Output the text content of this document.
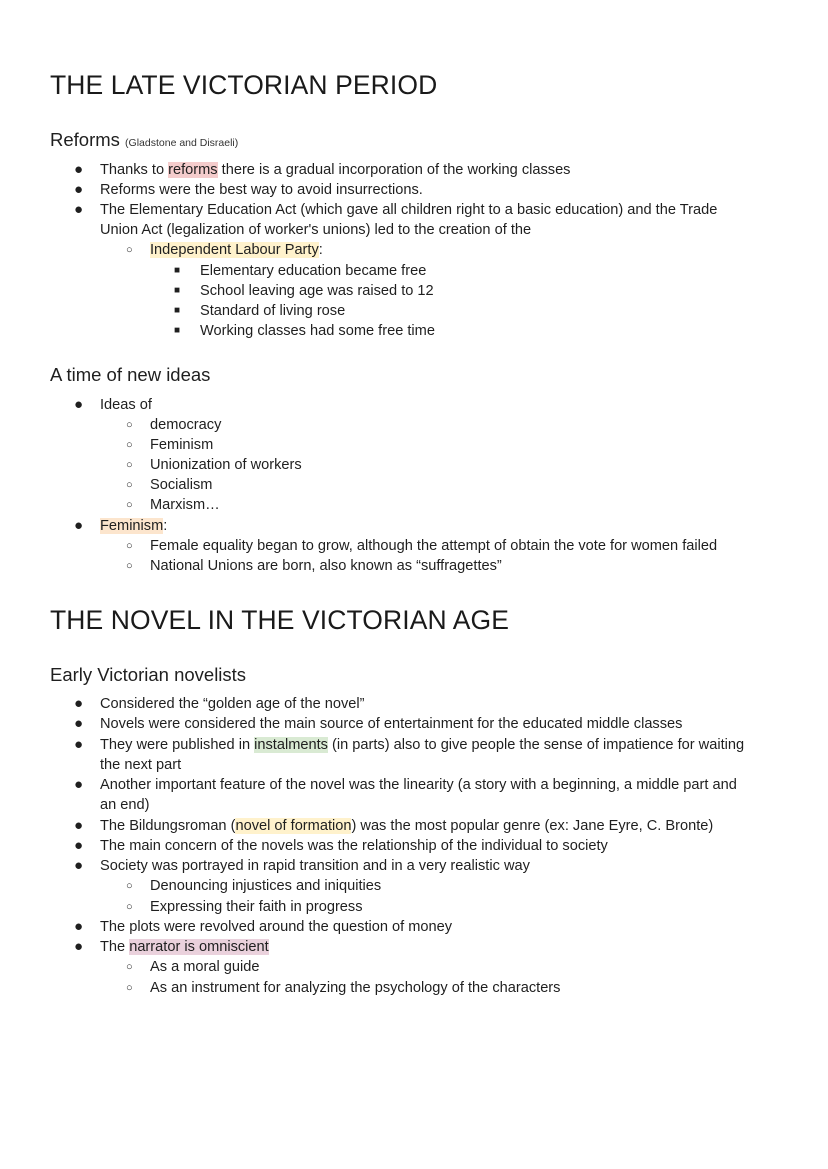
THE LATE VICTORIAN PERIOD
Reforms (Gladstone and Disraeli)
● Thanks to reforms there is a gradual incorporation of the working classes
● Reforms were the best way to avoid insurrections.
● The Elementary Education Act (which gave all children right to a basic education) and the Trade
Union Act (legalization of worker's unions) led to the creation of the
○ Independent Labour Party:
■ Elementary education became free
■ School leaving age was raised to 12
■ Standard of living rose
■ Working classes had some free time
A time of new ideas
● Ideas of
○ democracy
○ Feminism
○ Unionization of workers
○ Socialism
○ Marxism…
● Feminism:
○ Female equality began to grow, although the attempt of obtain the vote for women failed
○ National Unions are born, also known as “suffragettes”
THE NOVEL IN THE VICTORIAN AGE
Early Victorian novelists
● Considered the “golden age of the novel”
● Novels were considered the main source of entertainment for the educated middle classes
● They were published in instalments (in parts) also to give people the sense of impatience for waiting
the next part
● Another important feature of the novel was the linearity (a story with a beginning, a middle part and
an end)
● The Bildungsroman (novel of formation) was the most popular genre (ex: Jane Eyre, C. Bronte)
● The main concern of the novels was the relationship of the individual to society
● Society was portrayed in rapid transition and in a very realistic way
○ Denouncing injustices and iniquities
○ Expressing their faith in progress
● The plots were revolved around the question of money
● The narrator is omniscient
○ As a moral guide
○ As an instrument for analyzing the psychology of the characters
